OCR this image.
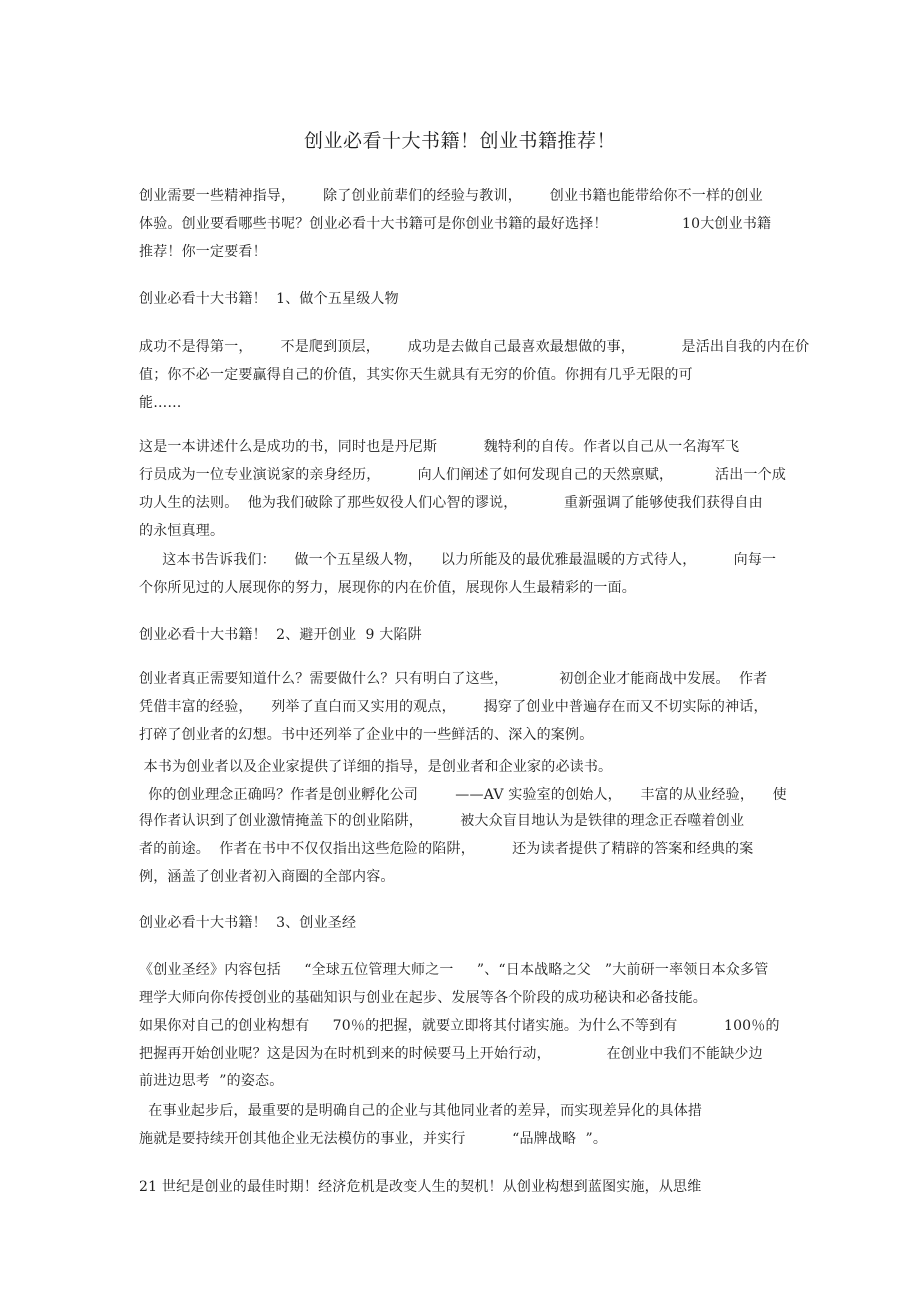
创业必看十大书籍！创业书籍推荐！
创业需要一些精神指导，      除了创业前辈们的经验与教训，      创业书籍也能带给你不一样的创业
体验。创业要看哪些书呢？创业必看十大书籍可是你创业书籍的最好选择！                10大创业书籍
推荐！你一定要看！
创业必看十大书籍！  1、做个五星级人物
成功不是得第一，      不是爬到顶层，      成功是去做自己最喜欢最想做的事，          是活出自我的内在价
值；你不必一定要赢得自己的价值，其实你天生就具有无穷的价值。你拥有几乎无限的可
能……
这是一本讲述什么是成功的书，同时也是丹尼斯          魏特利的自传。作者以自己从一名海军飞
行员成为一位专业演说家的亲身经历，        向人们阐述了如何发现自己的天然禀赋，         活出一个成
功人生的法则。  他为我们破除了那些奴役人们心智的谬说，          重新强调了能够使我们获得自由
的永恒真理。
这本书告诉我们：    做一个五星级人物，    以力所能及的最优雅最温暖的方式待人，        向每一
个你所见过的人展现你的努力，展现你的内在价值，展现你人生最精彩的一面。
创业必看十大书籍！  2、避开创业  9 大陷阱
创业者真正需要知道什么？需要做什么？只有明白了这些，           初创企业才能商战中发展。  作者
凭借丰富的经验，    列举了直白而又实用的观点，      揭穿了创业中普遍存在而又不切实际的神话，
打碎了创业者的幻想。书中还列举了企业中的一些鲜活的、深入的案例。
本书为创业者以及企业家提供了详细的指导，是创业者和企业家的必读书。
你的创业理念正确吗？作者是创业孵化公司        ——AV 实验室的创始人，    丰富的从业经验，    使
得作者认识到了创业激情掩盖下的创业陷阱，        被大众盲目地认为是铁律的理念正吞噬着创业
者的前途。  作者在书中不仅仅指出这些危险的陷阱，        还为读者提供了精辟的答案和经典的案
例，涵盖了创业者初入商圈的全部内容。
创业必看十大书籍！  3、创业圣经
《创业圣经》内容包括     “全球五位管理大师之一     ”、“日本战略之父   ”大前研一率领日本众多管
理学大师向你传授创业的基础知识与创业在起步、发展等各个阶段的成功秘诀和必备技能。
如果你对自己的创业构想有     70％的把握，就要立即将其付诸实施。为什么不等到有          100％的
把握再开始创业呢？这是因为在时机到来的时候要马上开始行动，            在创业中我们不能缺少边
前进边思考  ”的姿态。
在事业起步后，最重要的是明确自己的企业与其他同业者的差异，而实现差异化的具体措
施就是要持续开创其他企业无法模仿的事业，并实行          “品牌战略  ”。
21 世纪是创业的最佳时期！经济危机是改变人生的契机！从创业构想到蓝图实施，从思维
